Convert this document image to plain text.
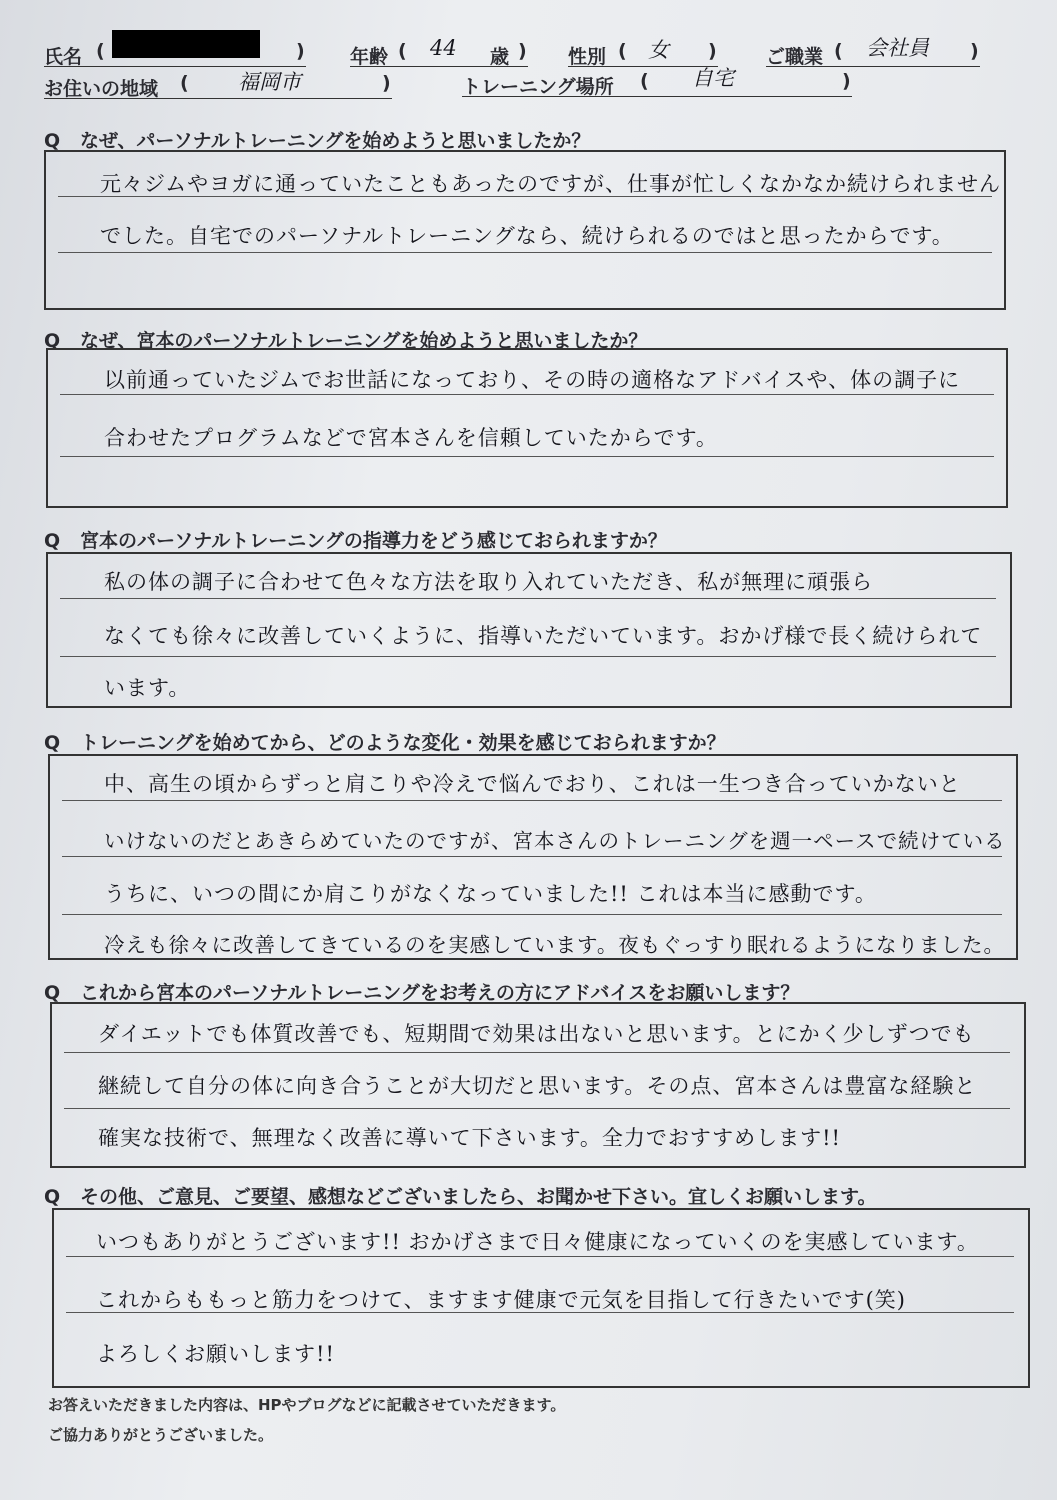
氏名 (	) 年齢 ( 44 歳 ) 性別 ( 女 )	ご職業 ( 会社員 )
お住いの地域 ( 福岡市	)	トレーニング場所 ( 自宅	)
Q なぜ、パーソナルトレーニングを始めようと思いましたか？
元々ジムやヨガに通っていたこともあったのですが、仕事が忙しくなかなか続けられません
でした。自宅でのパーソナルトレーニングなら、続けられるのではと思ったからです。
Q なぜ、宮本のパーソナルトレーニングを始めようと思いましたか？
以前通っていたジムでお世話になっており、その時の適格なアドバイスや、体の調子に
合わせたプログラムなどで宮本さんを信頼していたからです。
Q 宮本のパーソナルトレーニングの指導力をどう感じておられますか？
私の体の調子に合わせて色々な方法を取り入れていただき、私が無理に頑張ら
なくても徐々に改善していくように、指導いただいています。おかげ様で長く続けられて
います。
Q トレーニングを始めてから、どのような変化・効果を感じておられますか？
中、高生の頃からずっと肩こりや冷えで悩んでおり、これは一生つき合っていかないと
いけないのだとあきらめていたのですが、宮本さんのトレーニングを週一ペースで続けている
うちに、いつの間にか肩こりがなくなっていました!! これは本当に感動です。
冷えも徐々に改善してきているのを実感しています。夜もぐっすり眠れるようになりました。
Q これから宮本のパーソナルトレーニングをお考えの方にアドバイスをお願いします？
ダイエットでも体質改善でも、短期間で効果は出ないと思います。とにかく少しずつでも
継続して自分の体に向き合うことが大切だと思います。その点、宮本さんは豊富な経験と
確実な技術で、無理なく改善に導いて下さいます。全力でおすすめします!!
Q その他、ご意見、ご要望、感想などございましたら、お聞かせ下さい。宜しくお願いします。
いつもありがとうございます!! おかげさまで日々健康になっていくのを実感しています。
これからももっと筋力をつけて、ますます健康で元気を目指して行きたいです(笑)
よろしくお願いします!!
お答えいただきました内容は、HPやブログなどに記載させていただきます。
ご協力ありがとうございました。
